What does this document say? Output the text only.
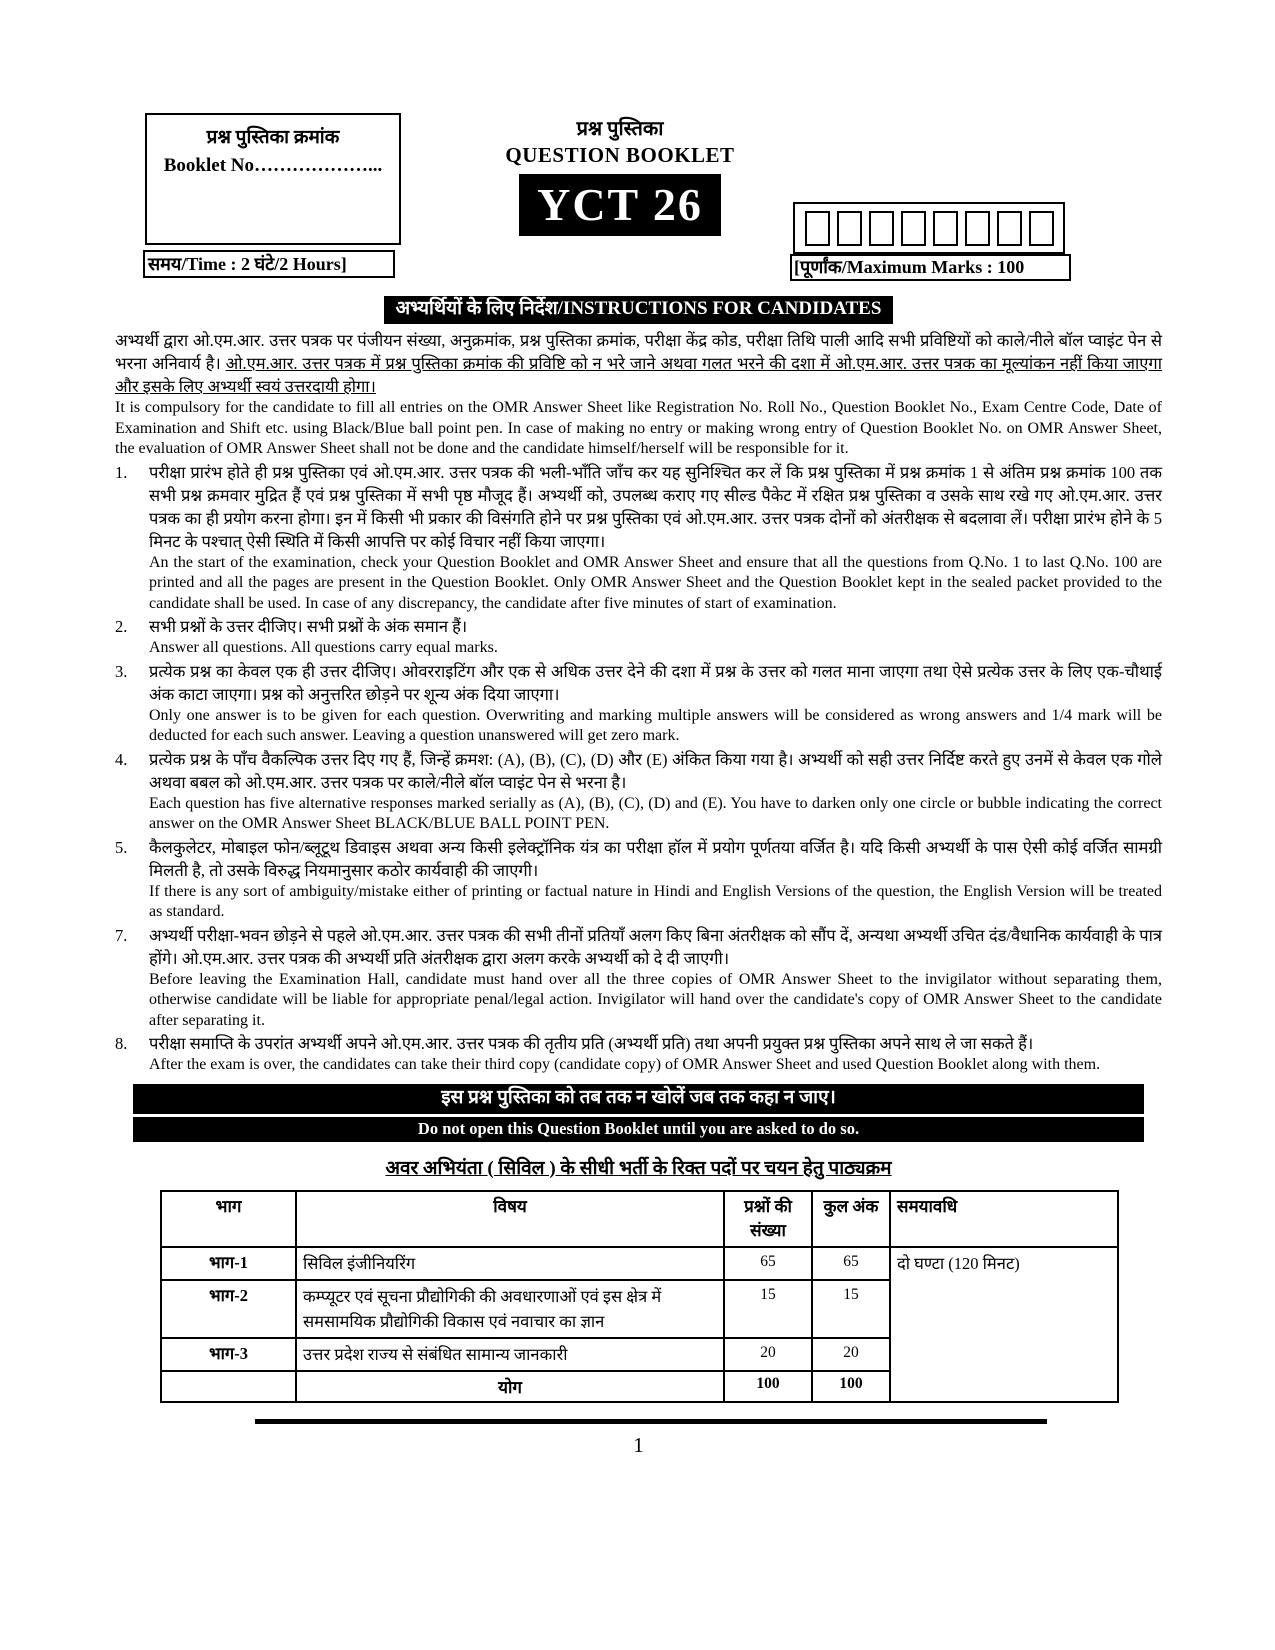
प्रश्न पुस्तिका क्रमांक
Booklet No………………...
समय/Time : 2 घंटे/2 Hours]
प्रश्न पुस्तिका
QUESTION BOOKLET
YCT 26
[पूर्णांक/Maximum Marks : 100
अभ्यर्थियों के लिए निर्देश/INSTRUCTIONS FOR CANDIDATES

अभ्यर्थी द्वारा ओ.एम.आर. उत्तर पत्रक पर पंजीयन संख्या, अनुक्रमांक, प्रश्न पुस्तिका क्रमांक, परीक्षा केंद्र कोड, परीक्षा तिथि पाली आदि सभी प्रविष्टियों को काले/नीले बॉल प्वाइंट पेन से भरना अनिवार्य है। ओ.एम.आर. उत्तर पत्रक में प्रश्न पुस्तिका क्रमांक की प्रविष्टि को न भरे जाने अथवा गलत भरने की दशा में ओ.एम.आर. उत्तर पत्रक का मूल्यांकन नहीं किया जाएगा और इसके लिए अभ्यर्थी स्वयं उत्तरदायी होगा।

It is compulsory for the candidate to fill all entries on the OMR Answer Sheet like Registration No. Roll No., Question Booklet No., Exam Centre Code, Date of Examination and Shift etc. using Black/Blue ball point pen. In case of making no entry or making wrong entry of Question Booklet No. on OMR Answer Sheet, the evaluation of OMR Answer Sheet shall not be done and the candidate himself/herself will be responsible for it.

1.	परीक्षा प्रारंभ होते ही प्रश्न पुस्तिका एवं ओ.एम.आर. उत्तर पत्रक की भली-भाँति जाँच कर यह सुनिश्चित कर लें कि प्रश्न पुस्तिका में प्रश्न क्रमांक 1 से अंतिम प्रश्न क्रमांक 100 तक सभी प्रश्न क्रमवार मुद्रित हैं एवं प्रश्न पुस्तिका में सभी पृष्ठ मौजूद हैं। अभ्यर्थी को, उपलब्ध कराए गए सील्ड पैकेट में रक्षित प्रश्न पुस्तिका व उसके साथ रखे गए ओ.एम.आर. उत्तर पत्रक का ही प्रयोग करना होगा। इन में किसी भी प्रकार की विसंगति होने पर प्रश्न पुस्तिका एवं ओ.एम.आर. उत्तर पत्रक दोनों को अंतरीक्षक से बदलावा लें। परीक्षा प्रारंभ होने के 5 मिनट के पश्चात् ऐसी स्थिति में किसी आपत्ति पर कोई विचार नहीं किया जाएगा।

An the start of the examination, check your Question Booklet and OMR Answer Sheet and ensure that all the questions from Q.No. 1 to last Q.No. 100 are printed and all the pages are present in the Question Booklet. Only OMR Answer Sheet and the Question Booklet kept in the sealed packet provided to the candidate shall be used. In case of any discrepancy, the candidate after five minutes of start of examination.

2.	सभी प्रश्नों के उत्तर दीजिए। सभी प्रश्नों के अंक समान हैं।

Answer all questions. All questions carry equal marks.

3.	प्रत्येक प्रश्न का केवल एक ही उत्तर दीजिए। ओवरराइटिंग और एक से अधिक उत्तर देने की दशा में प्रश्न के उत्तर को गलत माना जाएगा तथा ऐसे प्रत्येक उत्तर के लिए एक-चौथाई अंक काटा जाएगा। प्रश्न को अनुत्तरित छोड़ने पर शून्य अंक दिया जाएगा।

Only one answer is to be given for each question. Overwriting and marking multiple answers will be considered as wrong answers and 1/4 mark will be deducted for each such answer. Leaving a question unanswered will get zero mark.

4.	प्रत्येक प्रश्न के पाँच वैकल्पिक उत्तर दिए गए हैं, जिन्हें क्रमश: (A), (B), (C), (D) और (E) अंकित किया गया है। अभ्यर्थी को सही उत्तर निर्दिष्ट करते हुए उनमें से केवल एक गोले अथवा बबल को ओ.एम.आर. उत्तर पत्रक पर काले/नीले बॉल प्वाइंट पेन से भरना है।

Each question has five alternative responses marked serially as (A), (B), (C), (D) and (E). You have to darken only one circle or bubble indicating the correct answer on the OMR Answer Sheet BLACK/BLUE BALL POINT PEN.

5.	कैलकुलेटर, मोबाइल फोन/ब्लूटूथ डिवाइस अथवा अन्य किसी इलेक्ट्रॉनिक यंत्र का परीक्षा हॉल में प्रयोग पूर्णतया वर्जित है। यदि किसी अभ्यर्थी के पास ऐसी कोई वर्जित सामग्री मिलती है, तो उसके विरुद्ध नियमानुसार कठोर कार्यवाही की जाएगी।

If there is any sort of ambiguity/mistake either of printing or factual nature in Hindi and English Versions of the question, the English Version will be treated as standard.

7.	अभ्यर्थी परीक्षा-भवन छोड़ने से पहले ओ.एम.आर. उत्तर पत्रक की सभी तीनों प्रतियाँ अलग किए बिना अंतरीक्षक को सौंप दें, अन्यथा अभ्यर्थी उचित दंड/वैधानिक कार्यवाही के पात्र होंगे। ओ.एम.आर. उत्तर पत्रक की अभ्यर्थी प्रति अंतरीक्षक द्वारा अलग करके अभ्यर्थी को दे दी जाएगी।

Before leaving the Examination Hall, candidate must hand over all the three copies of OMR Answer Sheet to the invigilator without separating them, otherwise candidate will be liable for appropriate penal/legal action. Invigilator will hand over the candidate's copy of OMR Answer Sheet to the candidate after separating it.

8.	परीक्षा समाप्ति के उपरांत अभ्यर्थी अपने ओ.एम.आर. उत्तर पत्रक की तृतीय प्रति (अभ्यर्थी प्रति) तथा अपनी प्रयुक्त प्रश्न पुस्तिका अपने साथ ले जा सकते हैं।

After the exam is over, the candidates can take their third copy (candidate copy) of OMR Answer Sheet and used Question Booklet along with them.

इस प्रश्न पुस्तिका को तब तक न खोलें जब तक कहा न जाए।
Do not open this Question Booklet until you are asked to do so.
अवर अभियंता ( सिविल ) के सीधी भर्ती के रिक्त पदों पर चयन हेतु पाठ्यक्रम
भाग	विषय	प्रश्नों की संख्या	कुल अंक	समयावधि
भाग-1	सिविल इंजीनियरिंग	65	65	दो घण्टा (120 मिनट)
भाग-2	कम्प्यूटर एवं सूचना प्रौद्योगिकी की अवधारणाओं एवं इस क्षेत्र में समसामयिक प्रौद्योगिकी विकास एवं नवाचार का ज्ञान	15	15	
भाग-3	उत्तर प्रदेश राज्य से संबंधित सामान्य जानकारी	20	20	
	योग	100	100	
1
